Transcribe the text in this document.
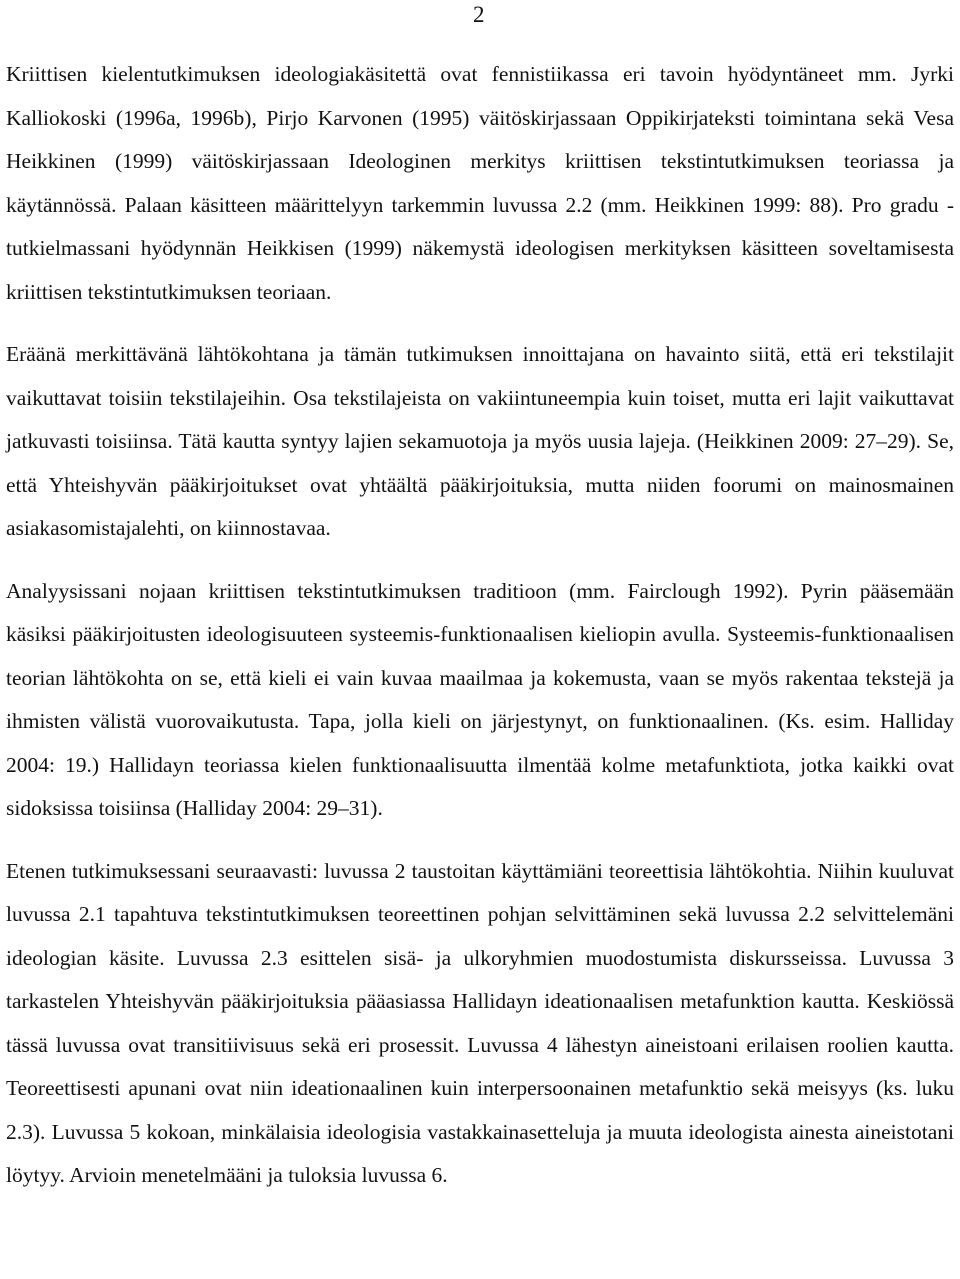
2

Kriittisen kielentutkimuksen ideologiakäsitettä ovat fennistiikassa eri tavoin hyödyntäneet mm. Jyrki Kalliokoski (1996a, 1996b), Pirjo Karvonen (1995) väitöskirjassaan Oppikirjateksti toimintana sekä Vesa Heikkinen (1999) väitöskirjassaan Ideologinen merkitys kriittisen tekstintutkimuksen teoriassa ja käytännössä. Palaan käsitteen määrittelyyn tarkemmin luvussa 2.2 (mm. Heikkinen 1999: 88). Pro gradu -tutkielmassani hyödynnän Heikkisen (1999) näkemystä ideologisen merkityksen käsitteen soveltamisesta kriittisen tekstintutkimuksen teoriaan.

Eräänä merkittävänä lähtökohtana ja tämän tutkimuksen innoittajana on havainto siitä, että eri tekstilajit vaikuttavat toisiin tekstilajeihin. Osa tekstilajeista on vakiintuneempia kuin toiset, mutta eri lajit vaikuttavat jatkuvasti toisiinsa. Tätä kautta syntyy lajien sekamuotoja ja myös uusia lajeja. (Heikkinen 2009: 27–29). Se, että Yhteishyvän pääkirjoitukset ovat yhtäältä pääkirjoituksia, mutta niiden foorumi on mainosmainen asiakasomistajalehti, on kiinnostavaa.

Analyysissani nojaan kriittisen tekstintutkimuksen traditioon (mm. Fairclough 1992). Pyrin pääsemään käsiksi pääkirjoitusten ideologisuuteen systeemis-funktionaalisen kieliopin avulla. Systeemis-funktionaalisen teorian lähtökohta on se, että kieli ei vain kuvaa maailmaa ja kokemusta, vaan se myös rakentaa tekstejä ja ihmisten välistä vuorovaikutusta. Tapa, jolla kieli on järjestynyt, on funktionaalinen. (Ks. esim. Halliday 2004: 19.) Hallidayn teoriassa kielen funktionaalisuutta ilmentää kolme metafunktiota, jotka kaikki ovat sidoksissa toisiinsa (Halliday 2004: 29–31).

Etenen tutkimuksessani seuraavasti: luvussa 2 taustoitan käyttämiäni teoreettisia lähtökohtia. Niihin kuuluvat luvussa 2.1 tapahtuva tekstintutkimuksen teoreettinen pohjan selvittäminen sekä luvussa 2.2 selvittelemäni ideologian käsite. Luvussa 2.3 esittelen sisä- ja ulkoryhmien muodostumista diskursseissa. Luvussa 3 tarkastelen Yhteishyvän pääkirjoituksia pääasiassa Hallidayn ideationaalisen metafunktion kautta. Keskiössä tässä luvussa ovat transitiivisuus sekä eri prosessit. Luvussa 4 lähestyn aineistoani erilaisen roolien kautta. Teoreettisesti apunani ovat niin ideationaalinen kuin interpersoonainen metafunktio sekä meisyys (ks. luku 2.3). Luvussa 5 kokoan, minkälaisia ideologisia vastakkainasetteluja ja muuta ideologista ainesta aineistotani löytyy. Arvioin menetelmääni ja tuloksia luvussa 6.
